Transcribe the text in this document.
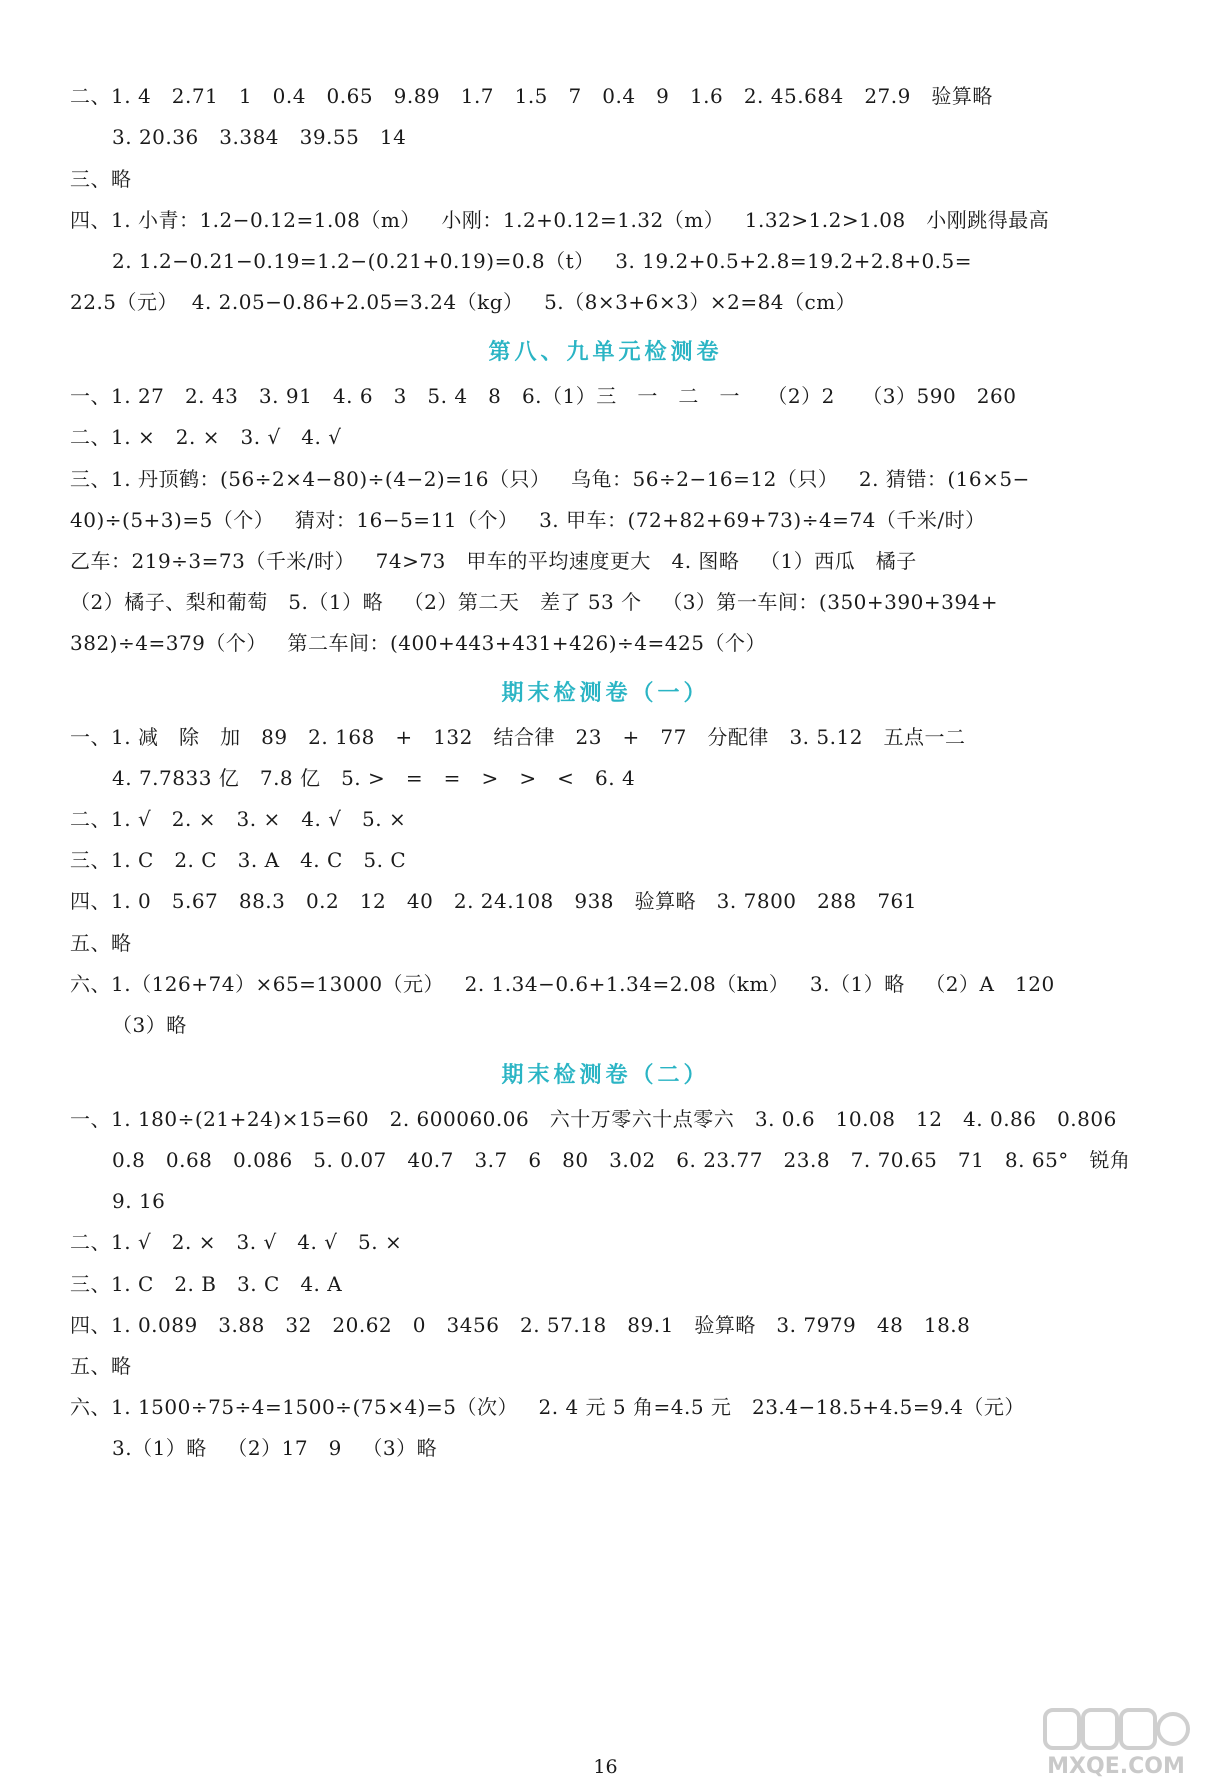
二、1. 4   2.71   1   0.4   0.65   9.89   1.7   1.5   7   0.4   9   1.6   2. 45.684   27.9   验算略
3. 20.36   3.384   39.55   14
三、略
四、1. 小青：1.2−0.12=1.08（m）   小刚：1.2+0.12=1.32（m）   1.32>1.2>1.08   小刚跳得最高
2. 1.2−0.21−0.19=1.2−(0.21+0.19)=0.8（t）   3. 19.2+0.5+2.8=19.2+2.8+0.5=
22.5（元）  4. 2.05−0.86+2.05=3.24（kg）   5.（8×3+6×3）×2=84（cm）
第八、九单元检测卷
一、1. 27   2. 43   3. 91   4. 6   3   5. 4   8   6.（1）三   一   二   一    （2）2    （3）590   260
二、1. ×   2. ×   3. √   4. √
三、1. 丹顶鹤：(56÷2×4−80)÷(4−2)=16（只）   乌龟：56÷2−16=12（只）   2. 猜错：(16×5−
40)÷(5+3)=5（个）   猜对：16−5=11（个）   3. 甲车：(72+82+69+73)÷4=74（千米/时）
乙车：219÷3=73（千米/时）   74>73   甲车的平均速度更大   4. 图略   （1）西瓜   橘子
（2）橘子、梨和葡萄   5.（1）略   （2）第二天   差了 53 个   （3）第一车间：(350+390+394+
382)÷4=379（个）   第二车间：(400+443+431+426)÷4=425（个）
期末检测卷（一）
一、1. 减   除   加   89   2. 168   +   132   结合律   23   +   77   分配律   3. 5.12   五点一二
4. 7.7833 亿   7.8 亿   5. >   =   =   >   >   <   6. 4
二、1. √   2. ×   3. ×   4. √   5. ×
三、1. C   2. C   3. A   4. C   5. C
四、1. 0   5.67   88.3   0.2   12   40   2. 24.108   938   验算略   3. 7800   288   761
五、略
六、1.（126+74）×65=13000（元）   2. 1.34−0.6+1.34=2.08（km）   3.（1）略   （2）A   120
（3）略
期末检测卷（二）
一、1. 180÷(21+24)×15=60   2. 600060.06   六十万零六十点零六   3. 0.6   10.08   12   4. 0.86   0.806
0.8   0.68   0.086   5. 0.07   40.7   3.7   6   80   3.02   6. 23.77   23.8   7. 70.65   71   8. 65°   锐角
9. 16
二、1. √   2. ×   3. √   4. √   5. ×
三、1. C   2. B   3. C   4. A
四、1. 0.089   3.88   32   20.62   0   3456   2. 57.18   89.1   验算略   3. 7979   48   18.8
五、略
六、1. 1500÷75÷4=1500÷(75×4)=5（次）   2. 4 元 5 角=4.5 元   23.4−18.5+4.5=9.4（元）
3.（1）略   （2）17   9   （3）略
16	MXQE.COM
